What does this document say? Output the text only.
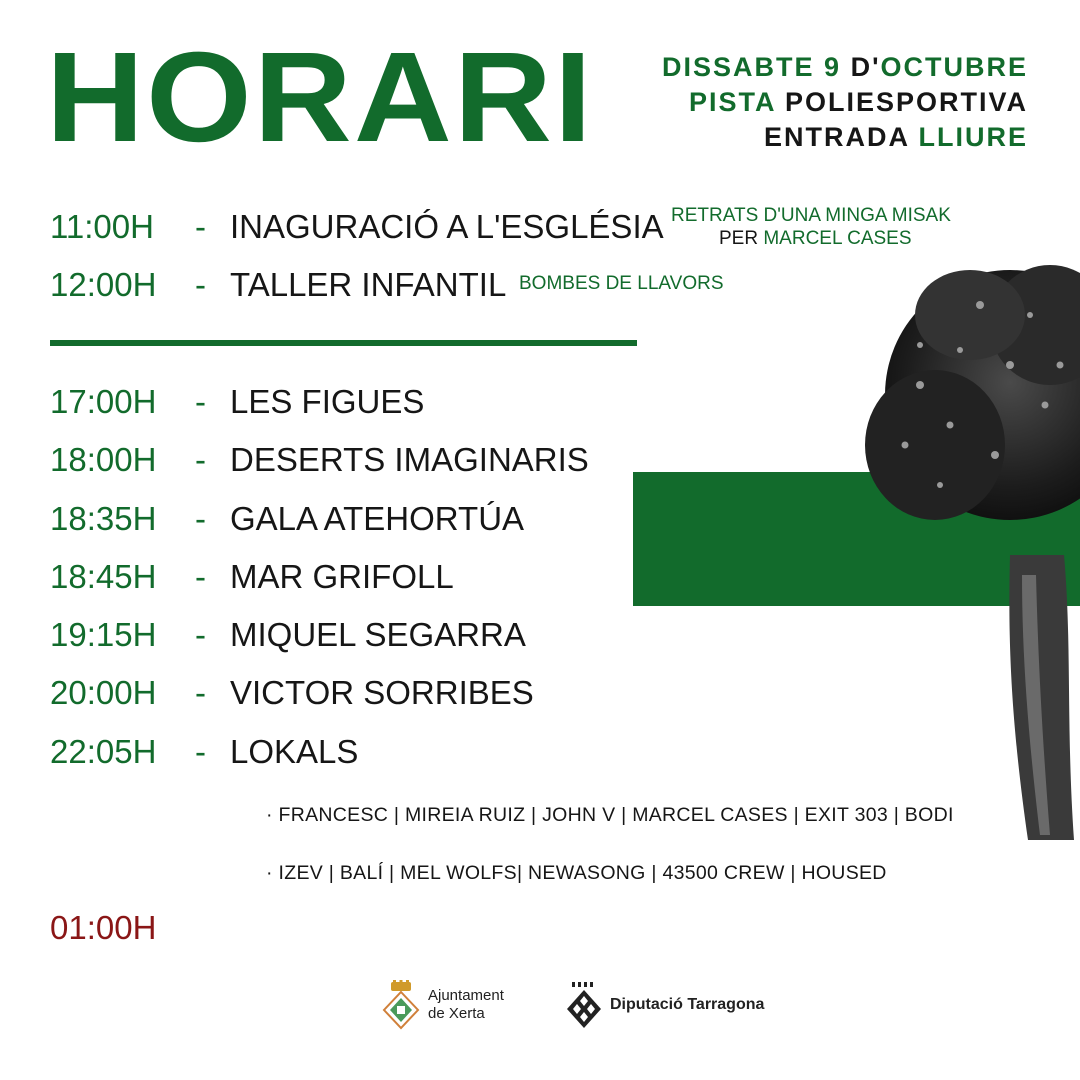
HORARI	DISSABTE 9 D'OCTUBRE
PISTA POLIESPORTIVA
ENTRADA LLIURE
11:00H - INAGURACIÓ A L'ESGLÉSIA
12:00H - TALLER INFANTIL
RETRATS D'UNA MINGA MISAK
PER MARCEL CASES
BOMBES DE LLAVORS
17:00H - LES FIGUES
18:00H - DESERTS IMAGINARIS
18:35H - GALA ATEHORTÚA
18:45H - MAR GRIFOLL
19:15H - MIQUEL SEGARRA
20:00H - VICTOR SORRIBES
22:05H - LOKALS
· FRANCESC | MIREIA RUIZ | JOHN V | MARCEL CASES | EXIT 303 | BODI
· IZEV | BALÍ | MEL WOLFS| NEWASONG | 43500 CREW | HOUSED
01:00H
Ajuntament
de Xerta
Diputació Tarragona
